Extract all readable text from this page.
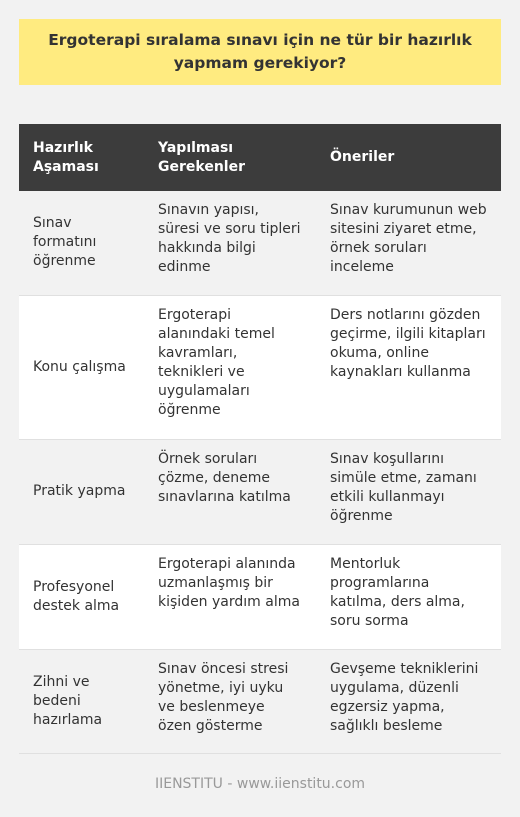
Ergoterapi sıralama sınavı için ne tür bir hazırlık yapmam gerekiyor?
Hazırlık Aşaması	Yapılması Gerekenler	Öneriler
Sınav formatını öğrenme	Sınavın yapısı, süresi ve soru tipleri hakkında bilgi edinme	Sınav kurumunun web sitesini ziyaret etme, örnek soruları inceleme
Konu çalışma	Ergoterapi alanındaki temel kavramları, teknikleri ve uygulamaları öğrenme	Ders notlarını gözden geçirme, ilgili kitapları okuma, online kaynakları kullanma
Pratik yapma	Örnek soruları çözme, deneme sınavlarına katılma	Sınav koşullarını simüle etme, zamanı etkili kullanmayı öğrenme
Profesyonel destek alma	Ergoterapi alanında uzmanlaşmış bir kişiden yardım alma	Mentorluk programlarına katılma, ders alma, soru sorma
Zihni ve bedeni hazırlama	Sınav öncesi stresi yönetme, iyi uyku ve beslenmeye özen gösterme	Gevşeme tekniklerini uygulama, düzenli egzersiz yapma, sağlıklı besleme
IIENSTITU - www.iienstitu.com
